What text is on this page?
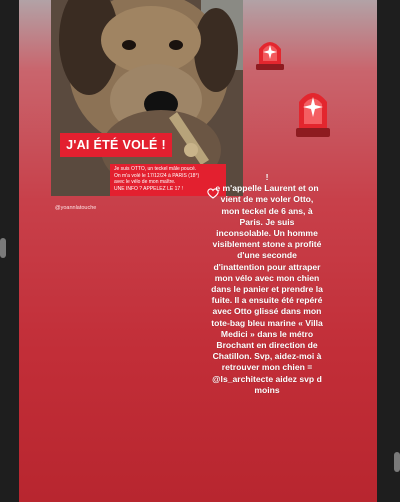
J'AI ÉTÉ VOLÉ !
Je suis OTTO, un teckel mâle poucé.
On m'a volé le 17/12/24 à PARIS (18°)
avec le vélo de mon maître.
UNE INFO ? APPELEZ LE 17 !
@yoannlatouche
!
e m'appelle Laurent et on vient de me voler Otto, mon teckel de 6 ans, à Paris. Je suis inconsolable. Un homme visiblement stone a profité d'une seconde d'inattention pour attraper mon vélo avec mon chien dans le panier et prendre la fuite. Il a ensuite été repéré avec Otto glissé dans mon tote-bag bleu marine « Villa Medici » dans le métro Brochant en direction de Chatillon. Svp, aidez-moi à retrouver mon chien = @ls_architecte aidez svp d moins
